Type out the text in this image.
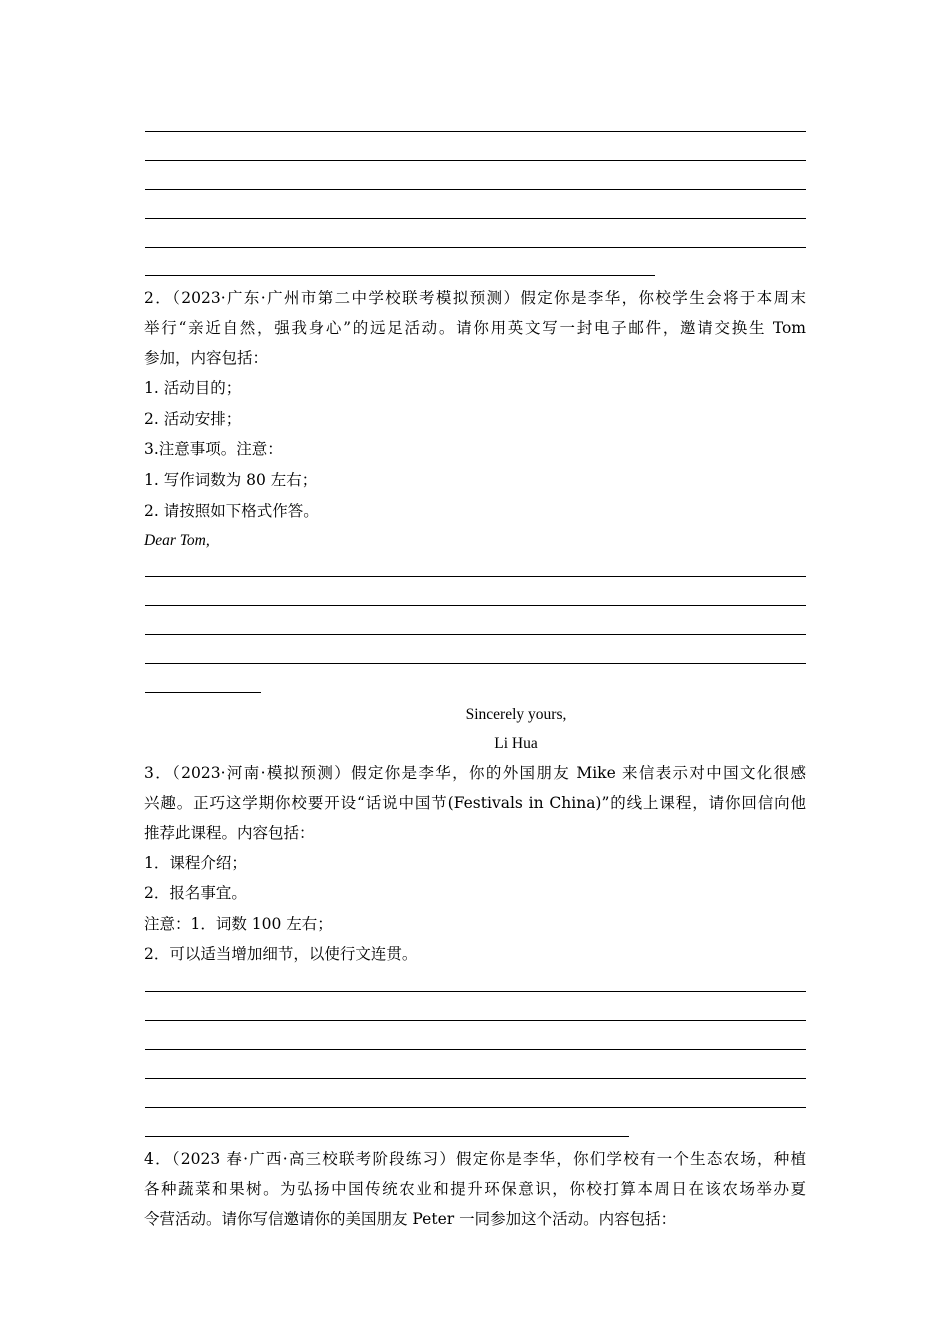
2．（2023·广东·广州市第二中学校联考模拟预测）假定你是李华，你校学生会将于本周末
举行“亲近自然，强我身心”的远足活动。请你用英文写一封电子邮件，邀请交换生 Tom
参加，内容包括：
1. 活动目的；
2. 活动安排；
3.注意事项。注意：
1. 写作词数为 80 左右；
2. 请按照如下格式作答。
Dear Tom,
Sincerely yours,
Li Hua
3．（2023·河南·模拟预测）假定你是李华，你的外国朋友 Mike 来信表示对中国文化很感
兴趣。正巧这学期你校要开设“话说中国节(Festivals in China)”的线上课程，请你回信向他
推荐此课程。内容包括：
1．课程介绍；
2．报名事宜。
注意：1．词数 100 左右；
2．可以适当增加细节，以使行文连贯。
4．（2023 春·广西·高三校联考阶段练习）假定你是李华，你们学校有一个生态农场，种植
各种蔬菜和果树。为弘扬中国传统农业和提升环保意识，你校打算本周日在该农场举办夏
令营活动。请你写信邀请你的美国朋友 Peter 一同参加这个活动。内容包括：
